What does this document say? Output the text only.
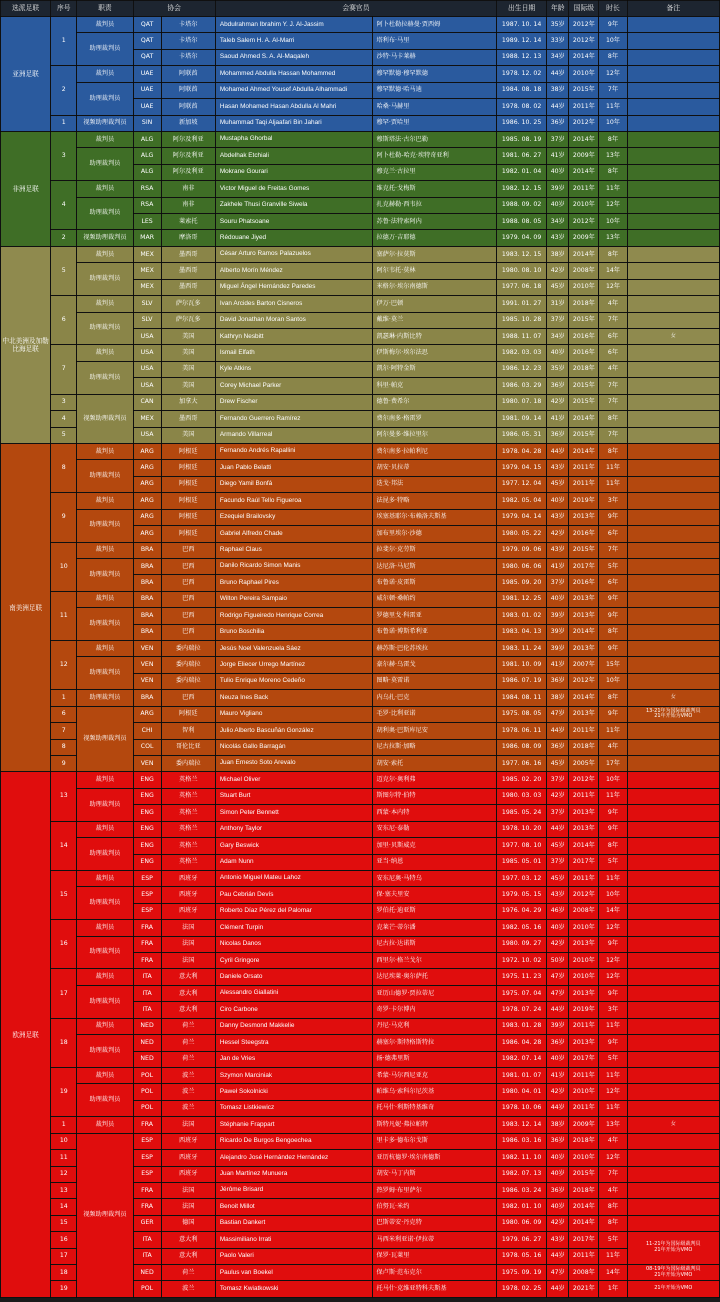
选派足联	序号	职责	协会		会赛官员		出生日期	年龄	国际级	时长	备注
亚洲足联	1	裁判员	QAT	卡塔尔	Abdulrahman Ibrahim Y. J. Al-Jassim	阿卜杜勒拉赫曼·贾西姆	1987. 10. 14	35岁	2012年	9年	
		助理裁判员	QAT	卡塔尔	Taleb Salem H. A. Al-Marri	塔利布·马里	1989. 12. 14	33岁	2012年	10年	
			QAT	卡塔尔	Saoud Ahmed S. A. Al-Maqaleh	沙特·马卡莱赫	1988. 12. 13	34岁	2014年	8年	
	2	裁判员	UAE	阿联酋	Mohammed Abdulla Hassan Mohammed	穆罕默德·穆罕默德	1978. 12. 02	44岁	2010年	12年	
		助理裁判员	UAE	阿联酋	Mohamed Ahmed Yousef Abdulla Alhammadi	穆罕默德·哈马迪	1984. 08. 18	38岁	2015年	7年	
			UAE	阿联酋	Hasan Mohamed Hasan Abdulla Al Mahri	哈桑·马赫里	1978. 08. 02	44岁	2011年	11年	
	1	视频助理裁判员	SIN	新加坡	Muhammad Taqi Aljaafari Bin Jahari	穆罕·贾哈里	1986. 10. 25	36岁	2012年	10年	
非洲足联	3	裁判员	ALG	阿尔及利亚	Mustapha Ghorbal	穆斯塔法·古尔巴勒	1985. 08. 19	37岁	2014年	8年	
		助理裁判员	ALG	阿尔及利亚	Abdelhak Etchiali	阿卜杜勒-哈克·埃特奇亚利	1981. 06. 27	41岁	2009年	13年	
			ALG	阿尔及利亚	Mokrane Gourari	穆克兰·古拉里	1982. 01. 04	40岁	2014年	8年	
	4	裁判员	RSA	南非	Victor Miguel de Freitas Gomes	维克托·戈梅斯	1982. 12. 15	39岁	2011年	11年	
		助理裁判员	RSA	南非	Zakhele Thusi Granville Siwela	扎克赫勒·西韦拉	1988. 09. 02	40岁	2010年	12年	
			LES	莱索托	Souru Phatsoane	苏鲁·法特索阿内	1988. 08. 05	34岁	2012年	10年	
	2	视频助理裁判员	MAR	摩洛哥	Rédouane Jiyed	拉德万·吉耶德	1979. 04. 09	43岁	2009年	13年	
中北美洲及加勒比海足联	5	裁判员	MEX	墨西哥	César Arturo Ramos Palazuelos	塞萨尔·拉莫斯	1983. 12. 15	38岁	2014年	8年	
		助理裁判员	MEX	墨西哥	Alberto Morín Méndez	阿尔韦托·莫林	1980. 08. 10	42岁	2008年	14年	
			MEX	墨西哥	Miguel Ángel Hernández Paredes	米格尔·埃尔南德斯	1977. 06. 18	45岁	2010年	12年	
	6	裁判员	SLV	萨尔瓦多	Ivan Arcides Barton Cisneros	伊万·巴顿	1991. 01. 27	31岁	2018年	4年	
		助理裁判员	SLV	萨尔瓦多	David Jonathan Moran Santos	戴维·莫兰	1985. 10. 28	37岁	2015年	7年	
			USA	美国	Kathryn Nesbitt	凯瑟琳·内斯比特	1988. 11. 07	34岁	2016年	6年	女
	7	裁判员	USA	美国	Ismail Elfath	伊斯梅尔·埃尔法思	1982. 03. 03	40岁	2016年	6年	
		助理裁判员	USA	美国	Kyle Atkins	凯尔·阿特金斯	1986. 12. 23	35岁	2018年	4年	
			USA	美国	Corey Michael Parker	科里·帕克	1986. 03. 29	36岁	2015年	7年	
	3	视频助理裁判员	CAN	加拿大	Drew Fischer	德鲁·费希尔	1980. 07. 18	42岁	2015年	7年	
	4		MEX	墨西哥	Fernando Guerrero Ramírez	费尔南多·格雷罗	1981. 09. 14	41岁	2014年	8年	
	5		USA	美国	Armando Villarreal	阿尔曼多·维拉里尔	1986. 05. 31	36岁	2015年	7年	
南美洲足联	8	裁判员	ARG	阿根廷	Fernando Andrés Rapallini	费尔南多·拉帕利尼	1978. 04. 28	44岁	2014年	8年	
		助理裁判员	ARG	阿根廷	Juan Pablo Belatti	胡安·贝拉蒂	1979. 04. 15	43岁	2011年	11年	
			ARG	阿根廷	Diego Yamil Bonfá	迭戈·邦法	1977. 12. 04	45岁	2011年	11年	
	9	裁判员	ARG	阿根廷	Facundo Raúl Tello Figueroa	法昆多·特略	1982. 05. 04	40岁	2019年	3年	
		助理裁判员	ARG	阿根廷	Ezequiel Brailovsky	埃塞基耶尔·布赖洛夫斯基	1979. 04. 14	43岁	2013年	9年	
			ARG	阿根廷	Gabriel Alfredo Chade	加布里埃尔·沙德	1980. 05. 22	42岁	2016年	6年	
	10	裁判员	BRA	巴西	Raphael Claus	拉斐尔·克劳斯	1979. 09. 06	43岁	2015年	7年	
		助理裁判员	BRA	巴西	Danilo Ricardo Simon Manis	达尼洛·马尼斯	1980. 06. 06	41岁	2017年	5年	
			BRA	巴西	Bruno Raphael Pires	布鲁诺·皮雷斯	1985. 09. 20	37岁	2016年	6年	
	11	裁判员	BRA	巴西	Wilton Pereira Sampaio	威尔顿·桑帕约	1981. 12. 25	40岁	2013年	9年	
		助理裁判员	BRA	巴西	Rodrigo Figueiredo Henrique Correa	罗德里戈·科雷亚	1983. 01. 02	39岁	2013年	9年	
			BRA	巴西	Bruno Boschilia	布鲁诺·博斯希利亚	1983. 04. 13	39岁	2014年	8年	
	12	裁判员	VEN	委内瑞拉	Jesús Noel Valenzuela Sáez	赫苏斯·巴伦苏埃拉	1983. 11. 24	39岁	2013年	9年	
		助理裁判员	VEN	委内瑞拉	Jorge Eliecer Urrego Martínez	豪尔赫·乌雷戈	1981. 10. 09	41岁	2007年	15年	
			VEN	委内瑞拉	Tulio Enrique Moreno Cedeño	图略·莫雷诺	1986. 07. 19	36岁	2012年	10年	
	1	助理裁判员	BRA	巴西	Neuza Ines Back	内乌扎·巴克	1984. 08. 11	38岁	2014年	8年	女
	6	视频助理裁判员	ARG	阿根廷	Mauro Vigliano	毛罗·比利亚诺	1975. 08. 05	47岁	2013年	9年	13-21年为国际级裁判员
21年开始为VMO
	7		CHI	智利	Julio Alberto Bascuñán González	胡利奥·巴斯库尼安	1978. 06. 11	44岁	2011年	11年	
	8		COL	哥伦比亚	Nicolás Gallo Barragán	尼古拉斯·加略	1986. 08. 09	36岁	2018年	4年	
	9		VEN	委内瑞拉	Juan Ernesto Soto Arevalo	胡安·索托	1977. 06. 16	45岁	2005年	17年	
欧洲足联	13	裁判员	ENG	英格兰	Michael Oliver	迈克尔·奥利弗	1985. 02. 20	37岁	2012年	10年	
		助理裁判员	ENG	英格兰	Stuart Burt	斯图尔特·伯特	1980. 03. 03	42岁	2011年	11年	
			ENG	英格兰	Simon Peter Bennett	西蒙·本内特	1985. 05. 24	37岁	2013年	9年	
	14	裁判员	ENG	英格兰	Anthony Taylor	安东尼·泰勒	1978. 10. 20	44岁	2013年	9年	
		助理裁判员	ENG	英格兰	Gary Beswick	加里·贝斯威克	1977. 08. 10	45岁	2014年	8年	
			ENG	英格兰	Adam Nunn	亚当·纳恩	1985. 05. 01	37岁	2017年	5年	
	15	裁判员	ESP	西班牙	Antonio Miguel Mateu Lahoz	安东尼奥·马特乌	1977. 03. 12	45岁	2011年	11年	
		助理裁判员	ESP	西班牙	Pau Cebrián Devís	保·塞夫里安	1979. 05. 15	43岁	2012年	10年	
			ESP	西班牙	Roberto Díaz Pérez del Palomar	罗伯托·迪亚斯	1976. 04. 29	46岁	2008年	14年	
	16	裁判员	FRA	法国	Clément Turpin	克莱芒·蒂尔潘	1982. 05. 16	40岁	2010年	12年	
		助理裁判员	FRA	法国	Nicolas Danos	尼古拉·达诺斯	1980. 09. 27	42岁	2013年	9年	
			FRA	法国	Cyril Gringore	西里尔·格兰戈尔	1972. 10. 02	50岁	2010年	12年	
	17	裁判员	ITA	意大利	Daniele Orsato	达尼埃莱·奥尔萨托	1975. 11. 23	47岁	2010年	12年	
		助理裁判员	ITA	意大利	Alessandro Giallatini	亚历山德罗·贾拉蒂尼	1975. 07. 04	47岁	2013年	9年	
			ITA	意大利	Ciro Carbone	奇罗·卡尔博内	1978. 07. 24	44岁	2019年	3年	
	18	裁判员	NED	荷兰	Danny Desmond Makkelie	丹尼·马克利	1983. 01. 28	39岁	2011年	11年	
		助理裁判员	NED	荷兰	Hessel Steegstra	赫塞尔·斯特格斯特拉	1986. 04. 28	36岁	2013年	9年	
			NED	荷兰	Jan de Vries	扬·德弗里斯	1982. 07. 14	40岁	2017年	5年	
	19	裁判员	POL	波兰	Szymon Marciniak	希蒙·马尔西尼亚克	1981. 01. 07	41岁	2011年	11年	
		助理裁判员	POL	波兰	Paweł Sokolnicki	帕维乌·索科尔尼茨基	1980. 04. 01	42岁	2010年	12年	
			POL	波兰	Tomasz Listkiewicz	托马什·利斯特基维奇	1978. 10. 06	44岁	2011年	11年	
	1	裁判员	FRA	法国	Stéphanie Frappart	斯特凡妮·弗拉帕特	1983. 12. 14	38岁	2009年	13年	女
	10	视频助理裁判员	ESP	西班牙	Ricardo De Burgos Bengoechea	里卡多·德布尔戈斯	1986. 03. 16	36岁	2018年	4年	
	11		ESP	西班牙	Alejandro José Hernández Hernández	亚历杭德罗·埃尔南德斯	1982. 11. 10	40岁	2010年	12年	
	12		ESP	西班牙	Juan Martínez Munuera	胡安·马丁内斯	1982. 07. 13	40岁	2015年	7年	
	13		FRA	法国	Jérôme Brisard	热罗姆·布里萨尔	1986. 03. 24	36岁	2018年	4年	
	14		FRA	法国	Benoit Millot	伯努瓦·米约	1982. 01. 10	40岁	2014年	8年	
	15		GER	德国	Bastian Dankert	巴斯蒂安·丹克特	1980. 06. 09	42岁	2014年	8年	
	16		ITA	意大利	Massimiliano Irrati	马西米利亚诺·伊拉蒂	1979. 06. 27	43岁	2017年	5年	11-21年为国际级裁判员
21年开始为VMO
	17		ITA	意大利	Paolo Valeri	保罗·瓦莱里	1978. 05. 16	44岁	2011年	11年	
	18		NED	荷兰	Paulus van Boekel	保卢斯·范布克尔	1975. 09. 19	47岁	2008年	14年	08-19年为国际级裁判员
21年开始为VMO
	19		POL	波兰	Tomasz Kwiatkowski	托马什·克维亚特科夫斯基	1978. 02. 25	44岁	2021年	1年	21年开始为VMO
